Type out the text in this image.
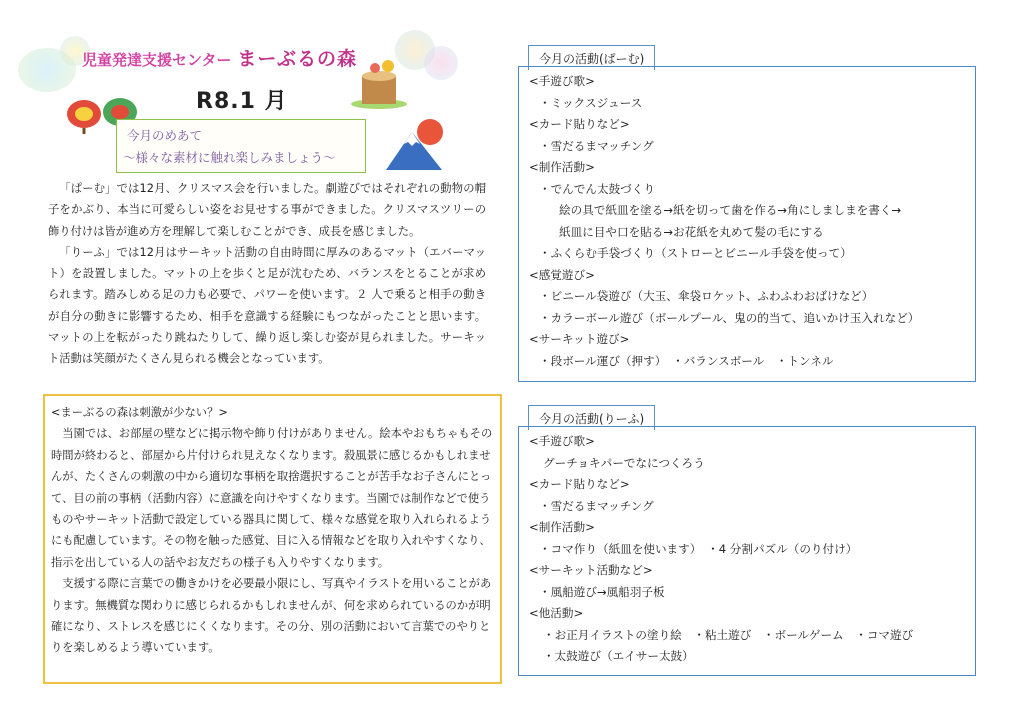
児童発達支援センター まーぶるの森
R8.1 月
今月のめあて
～様々な素材に触れ楽しみましょう～

「ぱーむ」では12月、クリスマス会を行いました。劇遊びではそれぞれの動物の帽子をかぶり、本当に可愛らしい姿をお見せする事ができました。クリスマスツリーの飾り付けは皆が進め方を理解して楽しむことができ、成長を感じました。

「りーふ」では12月はサーキット活動の自由時間に厚みのあるマット（エバーマット）を設置しました。マットの上を歩くと足が沈むため、バランスをとることが求められます。踏みしめる足の力も必要で、パワーを使います。２ 人で乗ると相手の動きが自分の動きに影響するため、相手を意識する経験にもつながったことと思います。マットの上を転がったり跳ねたりして、繰り返し楽しむ姿が見られました。サーキット活動は笑顔がたくさん見られる機会となっています。

<まーぶるの森は刺激が少ない？>

当園では、お部屋の壁などに掲示物や飾り付けがありません。絵本やおもちゃもその時間が終わると、部屋から片付けられ見えなくなります。殺風景に感じるかもしれませんが、たくさんの刺激の中から適切な事柄を取捨選択することが苦手なお子さんにとって、目の前の事柄（活動内容）に意識を向けやすくなります。当園では制作などで使うものやサーキット活動で設定している器具に関して、様々な感覚を取り入れられるようにも配慮しています。その物を触った感覚、目に入る情報などを取り入れやすくなり、指示を出している人の話やお友だちの様子も入りやすくなります。

支援する際に言葉での働きかけを必要最小限にし、写真やイラストを用いることがあります。無機質な関わりに感じられるかもしれませんが、何を求められているのかが明確になり、ストレスを感じにくくなります。その分、別の活動において言葉でのやりとりを楽しめるよう導いています。

今月の活動(ぱーむ)
<手遊び歌>
・ミックスジュース
<カード貼りなど>
・雪だるまマッチング
<制作活動>
・でんでん太鼓づくり
絵の具で紙皿を塗る→紙を切って歯を作る→角にしましまを書く→
紙皿に目や口を貼る→お花紙を丸めて髪の毛にする
・ふくらむ手袋づくり（ストローとビニール手袋を使って）
<感覚遊び>
・ビニール袋遊び（大玉、傘袋ロケット、ふわふわおばけなど）
・カラーボール遊び（ボールプール、鬼の的当て、追いかけ玉入れなど）
<サーキット遊び>
・段ボール運び（押す）　・バランスボール　・トンネル
今月の活動(りーふ)
<手遊び歌>
グーチョキパーでなにつくろう
<カード貼りなど>
・雪だるまマッチング
<制作活動>
・コマ作り（紙皿を使います）　・4 分割パズル（のり付け）
<サーキット活動など>
・風船遊び→風船羽子板
<他活動>
・お正月イラストの塗り絵　・粘土遊び　・ボールゲーム　・コマ遊び
・太鼓遊び（エイサー太鼓）
